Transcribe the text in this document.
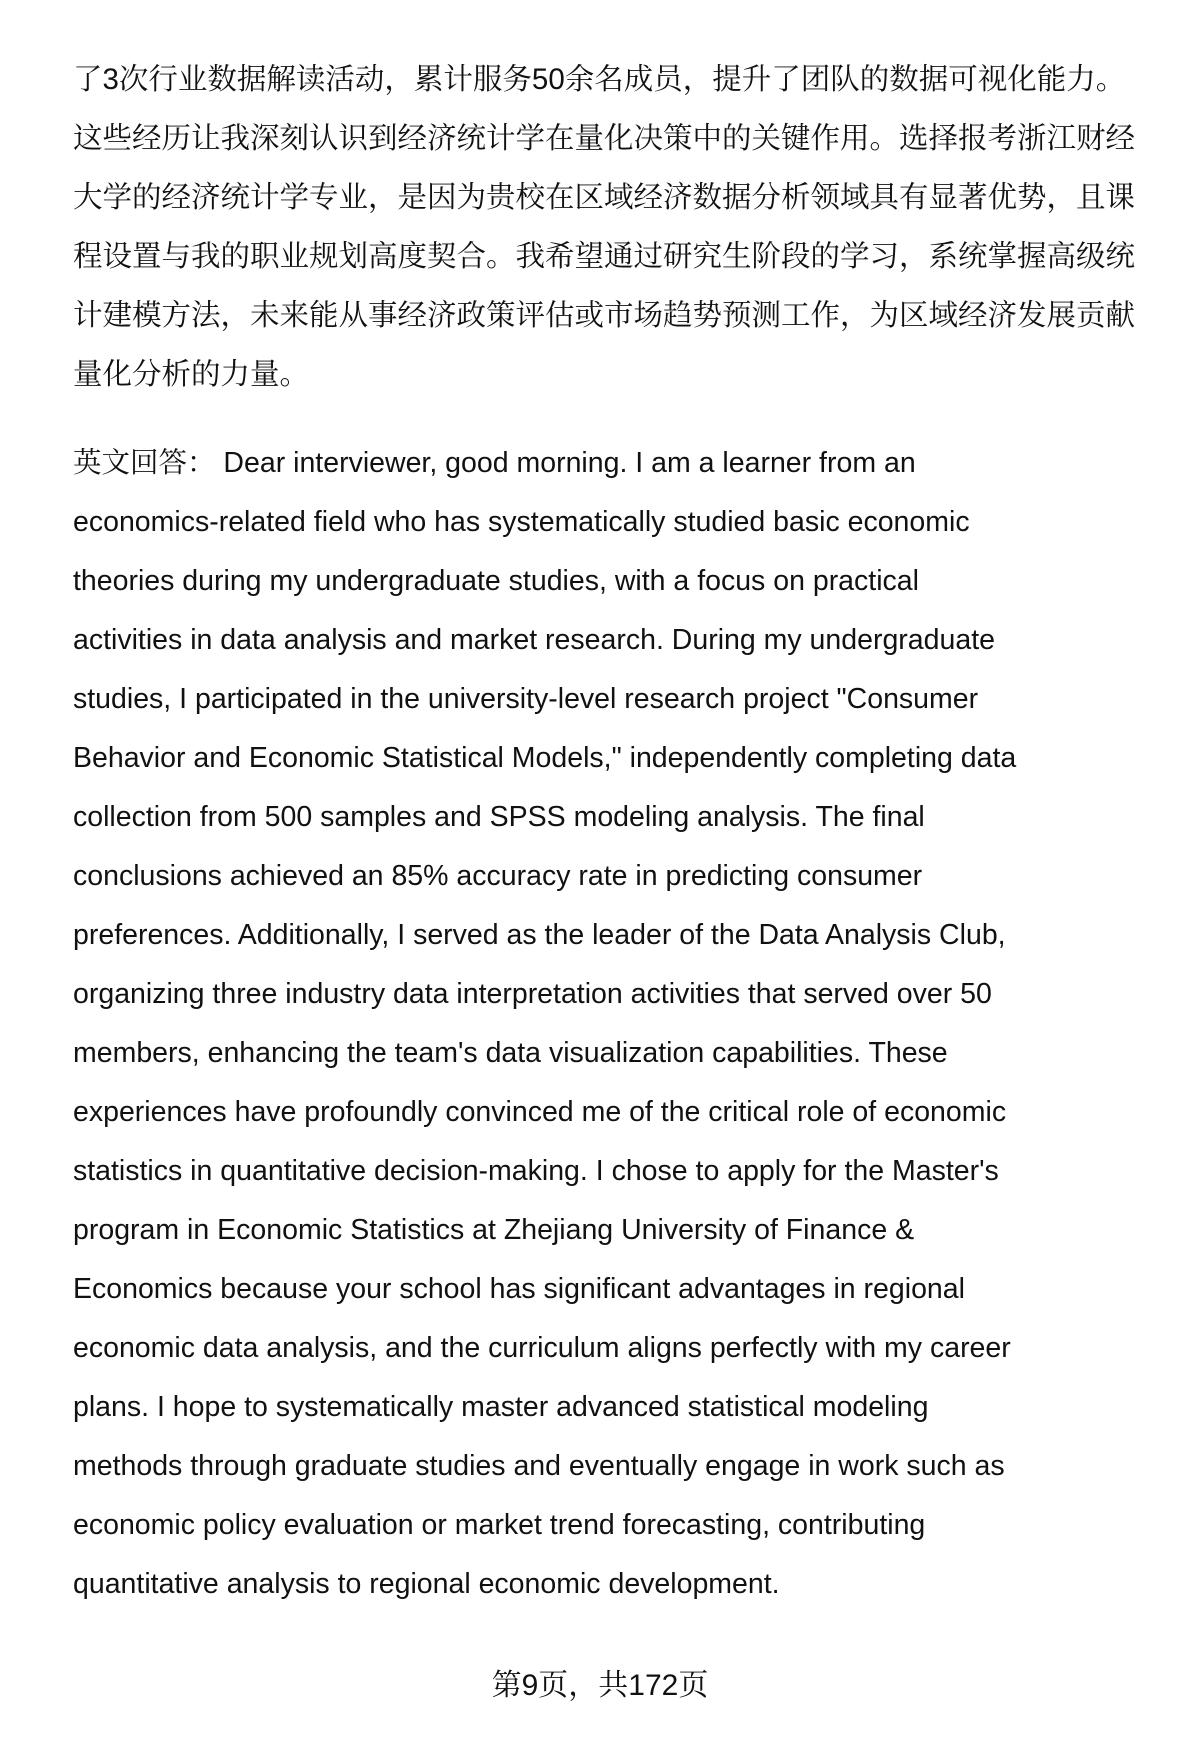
了3次行业数据解读活动，累计服务50余名成员，提升了团队的数据可视化能力。
这些经历让我深刻认识到经济统计学在量化决策中的关键作用。选择报考浙江财经
大学的经济统计学专业，是因为贵校在区域经济数据分析领域具有显著优势，且课
程设置与我的职业规划高度契合。我希望通过研究生阶段的学习，系统掌握高级统
计建模方法，未来能从事经济政策评估或市场趋势预测工作，为区域经济发展贡献
量化分析的力量。
英文回答： Dear interviewer, good morning. I am a learner from an
economics-related field who has systematically studied basic economic
theories during my undergraduate studies, with a focus on practical
activities in data analysis and market research. During my undergraduate
studies, I participated in the university-level research project "Consumer
Behavior and Economic Statistical Models," independently completing data
collection from 500 samples and SPSS modeling analysis. The final
conclusions achieved an 85% accuracy rate in predicting consumer
preferences. Additionally, I served as the leader of the Data Analysis Club,
organizing three industry data interpretation activities that served over 50
members, enhancing the team's data visualization capabilities. These
experiences have profoundly convinced me of the critical role of economic
statistics in quantitative decision-making. I chose to apply for the Master's
program in Economic Statistics at Zhejiang University of Finance &
Economics because your school has significant advantages in regional
economic data analysis, and the curriculum aligns perfectly with my career
plans. I hope to systematically master advanced statistical modeling
methods through graduate studies and eventually engage in work such as
economic policy evaluation or market trend forecasting, contributing
quantitative analysis to regional economic development.
第9页，共172页
